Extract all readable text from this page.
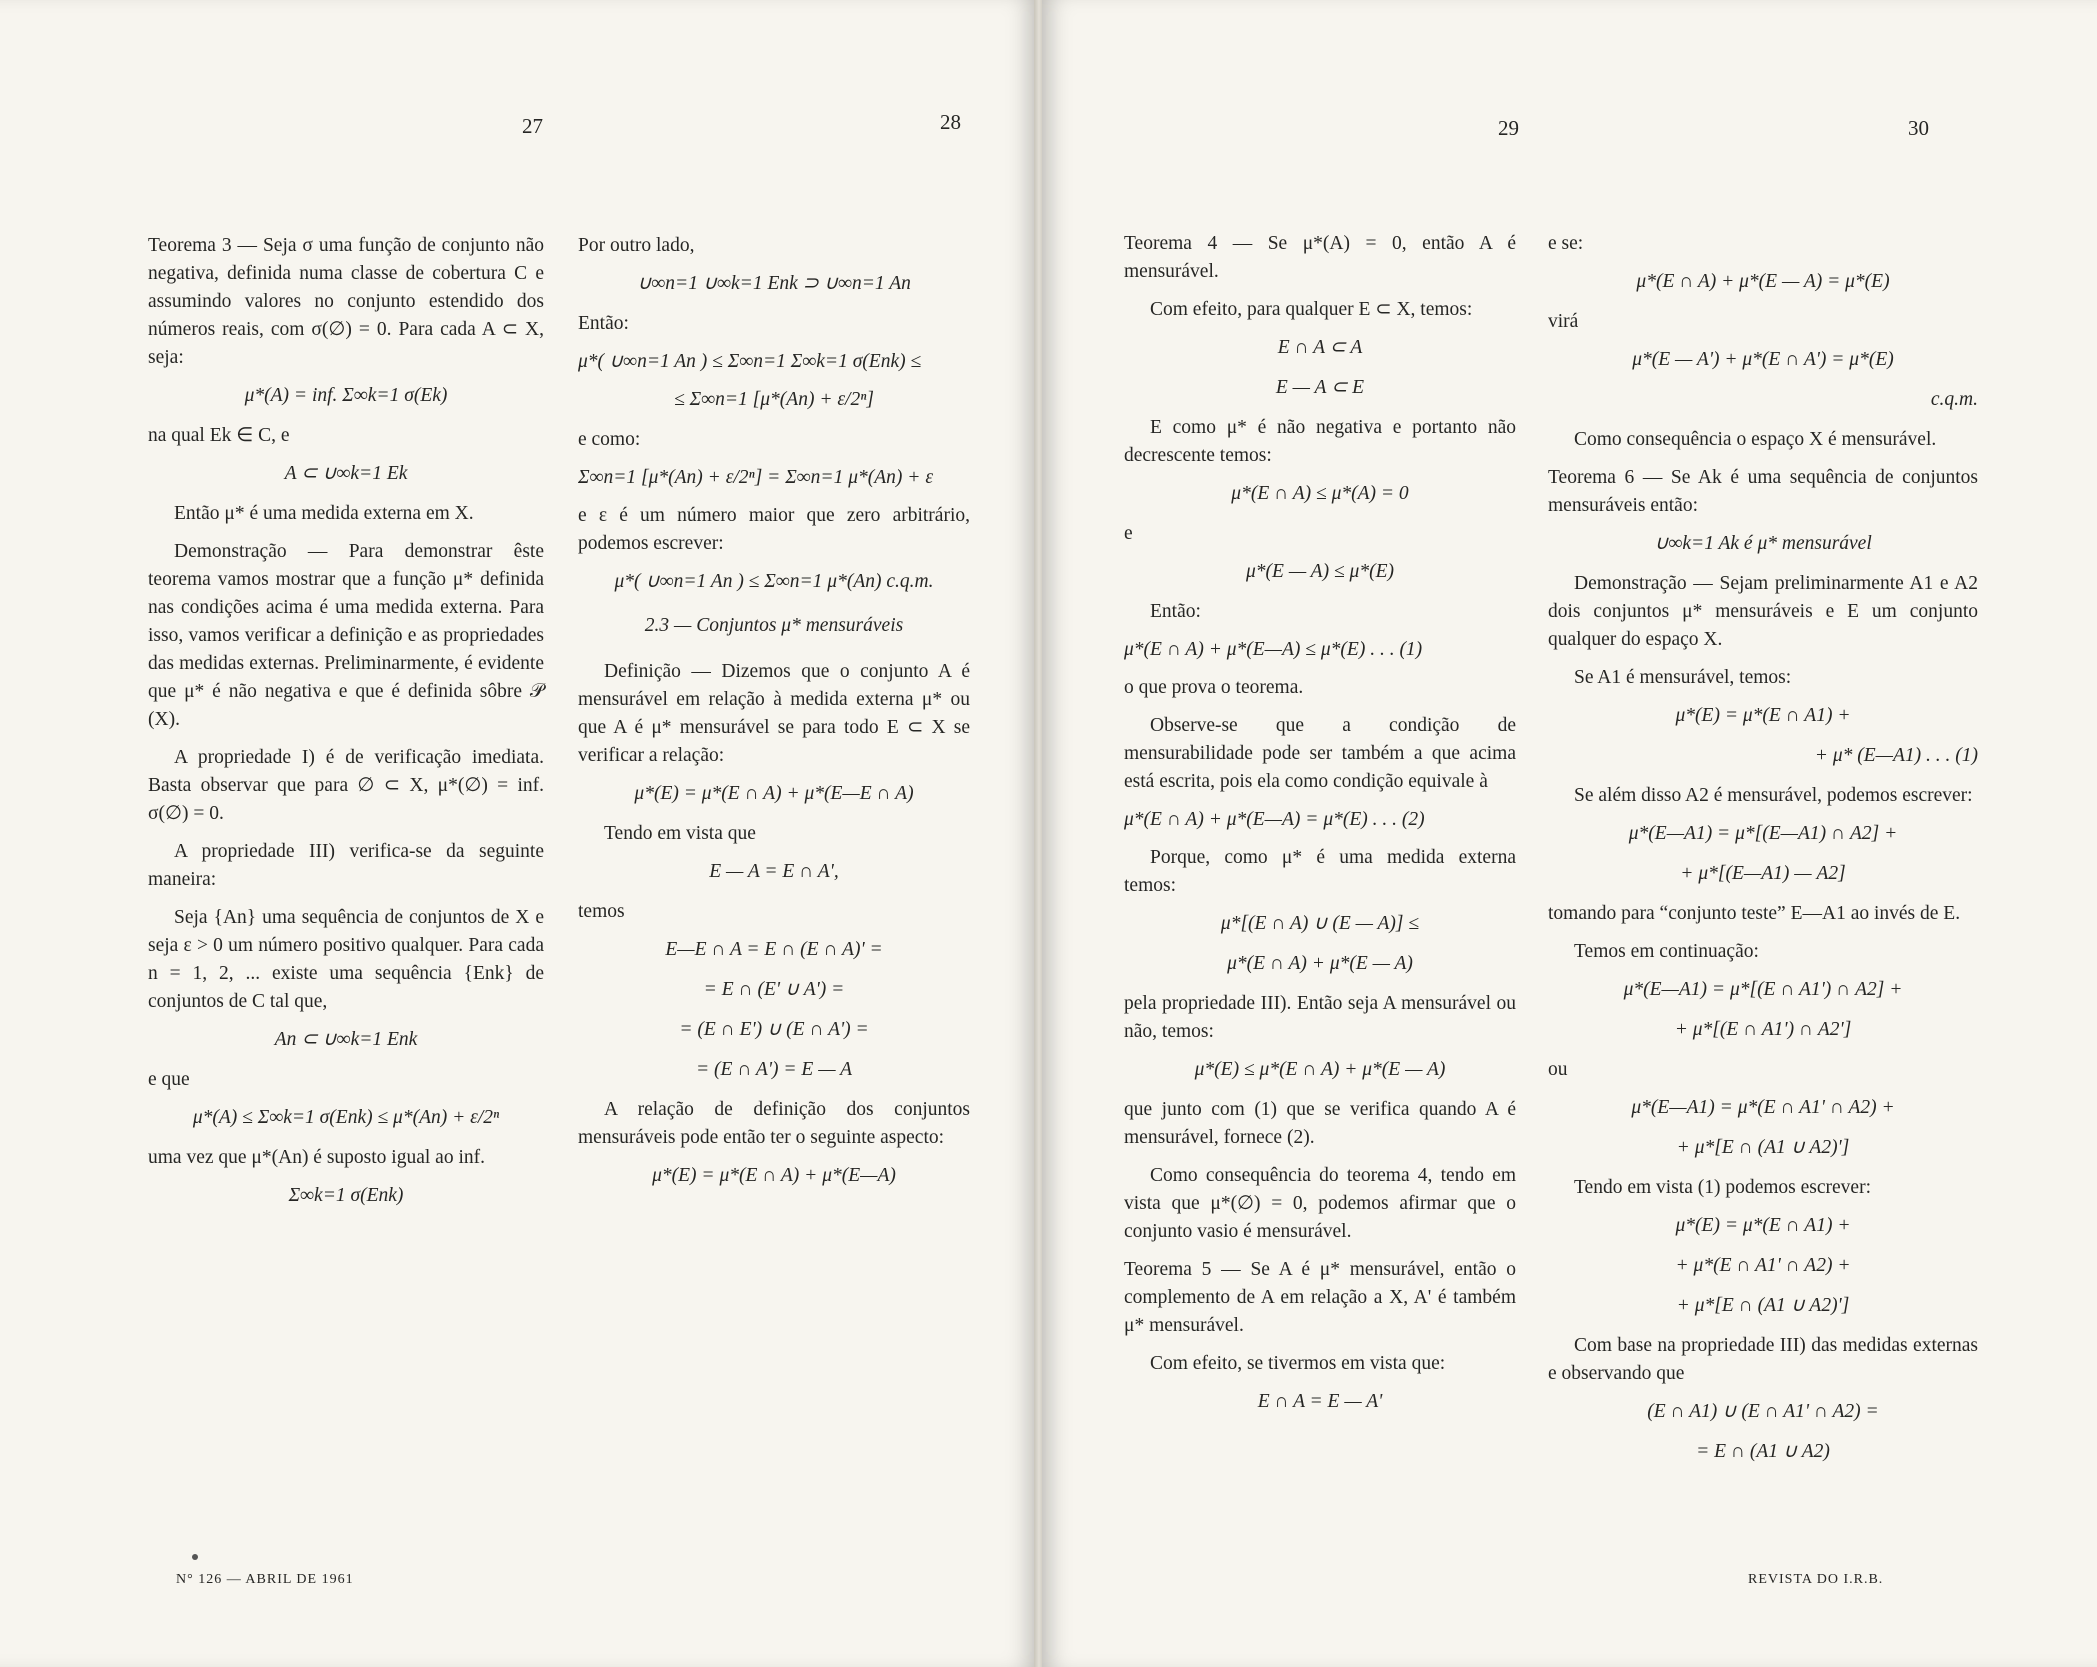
27	28

Teorema 3 — Seja σ uma função de conjunto não negativa, definida numa classe de cobertura C e assumindo valores no conjunto estendido dos números reais, com σ(∅) = 0. Para cada A ⊂ X, seja:

μ*(A) = inf. Σ∞k=1 σ(Ek)

na qual Ek ∈ C, e

A ⊂ ∪∞k=1 Ek

Então μ* é uma medida externa em X.

Demonstração — Para demonstrar êste teorema vamos mostrar que a função μ* definida nas condições acima é uma medida externa. Para isso, vamos verificar a definição e as propriedades das medidas externas. Preliminarmente, é evidente que μ* é não negativa e que é definida sôbre 𝒫 (X).

A propriedade I) é de verificação imediata. Basta observar que para ∅ ⊂ X, μ*(∅) = inf. σ(∅) = 0.

A propriedade III) verifica-se da seguinte maneira:

Seja {An} uma sequência de conjuntos de X e seja ε > 0 um número positivo qualquer. Para cada n = 1, 2, ... existe uma sequência {Enk} de conjuntos de C tal que,

An ⊂ ∪∞k=1 Enk

e que

μ*(A) ≤ Σ∞k=1 σ(Enk) ≤ μ*(An) + ε/2ⁿ

uma vez que μ*(An) é suposto igual ao inf.

Σ∞k=1 σ(Enk)

Por outro lado,

∪∞n=1 ∪∞k=1 Enk ⊃ ∪∞n=1 An

Então:

μ*( ∪∞n=1 An ) ≤ Σ∞n=1 Σ∞k=1 σ(Enk) ≤
≤ Σ∞n=1 [μ*(An) + ε/2ⁿ]

e como:

Σ∞n=1 [μ*(An) + ε/2ⁿ] = Σ∞n=1 μ*(An) + ε

e ε é um número maior que zero arbitrário, podemos escrever:

μ*( ∪∞n=1 An ) ≤ Σ∞n=1 μ*(An) c.q.m.
2.3 — Conjuntos μ* mensuráveis

Definição — Dizemos que o conjunto A é mensurável em relação à medida externa μ* ou que A é μ* mensurável se para todo E ⊂ X se verificar a relação:

μ*(E) = μ*(E ∩ A) + μ*(E—E ∩ A)

Tendo em vista que

E — A = E ∩ A',

temos

E—E ∩ A = E ∩ (E ∩ A)' =
= E ∩ (E' ∪ A') =
= (E ∩ E') ∪ (E ∩ A') =
= (E ∩ A') = E — A

A relação de definição dos conjuntos mensuráveis pode então ter o seguinte aspecto:

μ*(E) = μ*(E ∩ A) + μ*(E—A)
N° 126 — ABRIL DE 1961
29	30

Teorema 4 — Se μ*(A) = 0, então A é mensurável.

Com efeito, para qualquer E ⊂ X, temos:

E ∩ A ⊂ A
E — A ⊂ E

E como μ* é não negativa e portanto não decrescente temos:

μ*(E ∩ A) ≤ μ*(A) = 0

e

μ*(E — A) ≤ μ*(E)

Então:

μ*(E ∩ A) + μ*(E—A) ≤ μ*(E) . . . (1)

o que prova o teorema.

Observe-se que a condição de mensurabilidade pode ser também a que acima está escrita, pois ela como condição equivale à

μ*(E ∩ A) + μ*(E—A) = μ*(E) . . . (2)

Porque, como μ* é uma medida externa temos:

μ*[(E ∩ A) ∪ (E — A)] ≤
μ*(E ∩ A) + μ*(E — A)

pela propriedade III). Então seja A mensurável ou não, temos:

μ*(E) ≤ μ*(E ∩ A) + μ*(E — A)

que junto com (1) que se verifica quando A é mensurável, fornece (2).

Como consequência do teorema 4, tendo em vista que μ*(∅) = 0, podemos afirmar que o conjunto vasio é mensurável.

Teorema 5 — Se A é μ* mensurável, então o complemento de A em relação a X, A' é também μ* mensurável.

Com efeito, se tivermos em vista que:

E ∩ A = E — A'

e se:

μ*(E ∩ A) + μ*(E — A) = μ*(E)

virá

μ*(E — A') + μ*(E ∩ A') = μ*(E)
c.q.m.

Como consequência o espaço X é mensurável.

Teorema 6 — Se Ak é uma sequência de conjuntos mensuráveis então:

∪∞k=1 Ak é μ* mensurável

Demonstração — Sejam preliminarmente A1 e A2 dois conjuntos μ* mensuráveis e E um conjunto qualquer do espaço X.

Se A1 é mensurável, temos:

μ*(E) = μ*(E ∩ A1) +
+ μ* (E—A1) . . . (1)

Se além disso A2 é mensurável, podemos escrever:

μ*(E—A1) = μ*[(E—A1) ∩ A2] +
+ μ*[(E—A1) — A2]

tomando para “conjunto teste” E—A1 ao invés de E.

Temos em continuação:

μ*(E—A1) = μ*[(E ∩ A1') ∩ A2] +
+ μ*[(E ∩ A1') ∩ A2']

ou

μ*(E—A1) = μ*(E ∩ A1' ∩ A2) +
+ μ*[E ∩ (A1 ∪ A2)']

Tendo em vista (1) podemos escrever:

μ*(E) = μ*(E ∩ A1) +
+ μ*(E ∩ A1' ∩ A2) +
+ μ*[E ∩ (A1 ∪ A2)']

Com base na propriedade III) das medidas externas e observando que

(E ∩ A1) ∪ (E ∩ A1' ∩ A2) =
= E ∩ (A1 ∪ A2)
REVISTA DO I.R.B.
